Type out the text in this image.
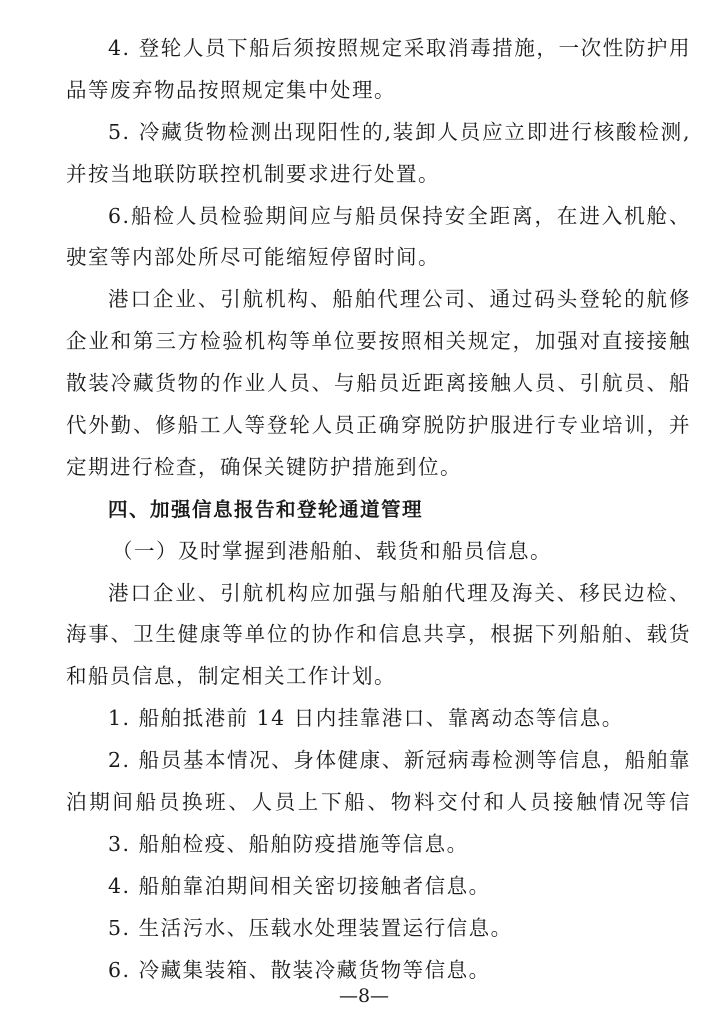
4. 登轮人员下船后须按照规定采取消毒措施，一次性防护用
品等废弃物品按照规定集中处理。
5. 冷藏货物检测出现阳性的,装卸人员应立即进行核酸检测,
并按当地联防联控机制要求进行处置。
6.船检人员检验期间应与船员保持安全距离，在进入机舱、
驶室等内部处所尽可能缩短停留时间。
港口企业、引航机构、船舶代理公司、通过码头登轮的航修
企业和第三方检验机构等单位要按照相关规定，加强对直接接触
散装冷藏货物的作业人员、与船员近距离接触人员、引航员、船
代外勤、修船工人等登轮人员正确穿脱防护服进行专业培训，并
定期进行检查，确保关键防护措施到位。
四、加强信息报告和登轮通道管理
（一）及时掌握到港船舶、载货和船员信息。
港口企业、引航机构应加强与船舶代理及海关、移民边检、
海事、卫生健康等单位的协作和信息共享，根据下列船舶、载货
和船员信息，制定相关工作计划。
1. 船舶抵港前 14 日内挂靠港口、靠离动态等信息。
2. 船员基本情况、身体健康、新冠病毒检测等信息，船舶靠
泊期间船员换班、人员上下船、物料交付和人员接触情况等信
3. 船舶检疫、船舶防疫措施等信息。
4. 船舶靠泊期间相关密切接触者信息。
5. 生活污水、压载水处理装置运行信息。
6. 冷藏集装箱、散装冷藏货物等信息。
—8—
